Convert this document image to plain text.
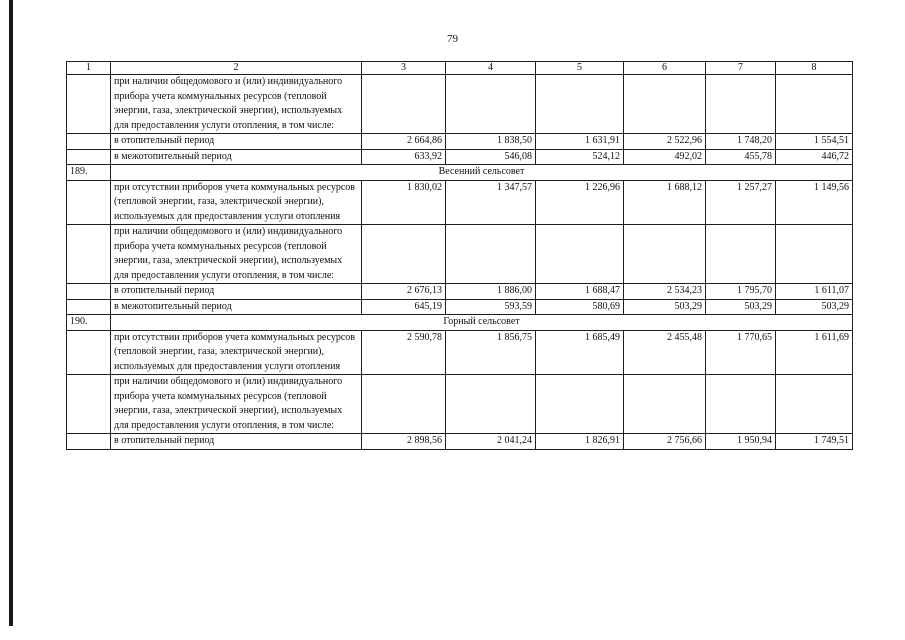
79
1	2	3	4	5	6	7	8
	при наличии общедомового и (или) индивидуального прибора учета коммунальных ресурсов (тепловой энергии, газа, электрической энергии), используемых для предоставления услуги отопления, в том числе:						
	в отопительный период	2 664,86	1 838,50	1 631,91	2 522,96	1 748,20	1 554,51
	в межотопительный период	633,92	546,08	524,12	492,02	455,78	446,72
189.	Весенний сельсовет						
	при отсутствии приборов учета коммунальных ресурсов (тепловой энергии, газа, электрической энергии), используемых для предоставления услуги отопления	1 830,02	1 347,57	1 226,96	1 688,12	1 257,27	1 149,56
	при наличии общедомового и (или) индивидуального прибора учета коммунальных ресурсов (тепловой энергии, газа, электрической энергии), используемых для предоставления услуги отопления, в том числе:						
	в отопительный период	2 676,13	1 886,00	1 688,47	2 534,23	1 795,70	1 611,07
	в межотопительный период	645,19	593,59	580,69	503,29	503,29	503,29
190.	Горный сельсовет						
	при отсутствии приборов учета коммунальных ресурсов (тепловой энергии, газа, электрической энергии), используемых для предоставления услуги отопления	2 590,78	1 856,75	1 685,49	2 455,48	1 770,65	1 611,69
	при наличии общедомового и (или) индивидуального прибора учета коммунальных ресурсов (тепловой энергии, газа, электрической энергии), используемых для предоставления услуги отопления, в том числе:						
	в отопительный период	2 898,56	2 041,24	1 826,91	2 756,66	1 950,94	1 749,51
